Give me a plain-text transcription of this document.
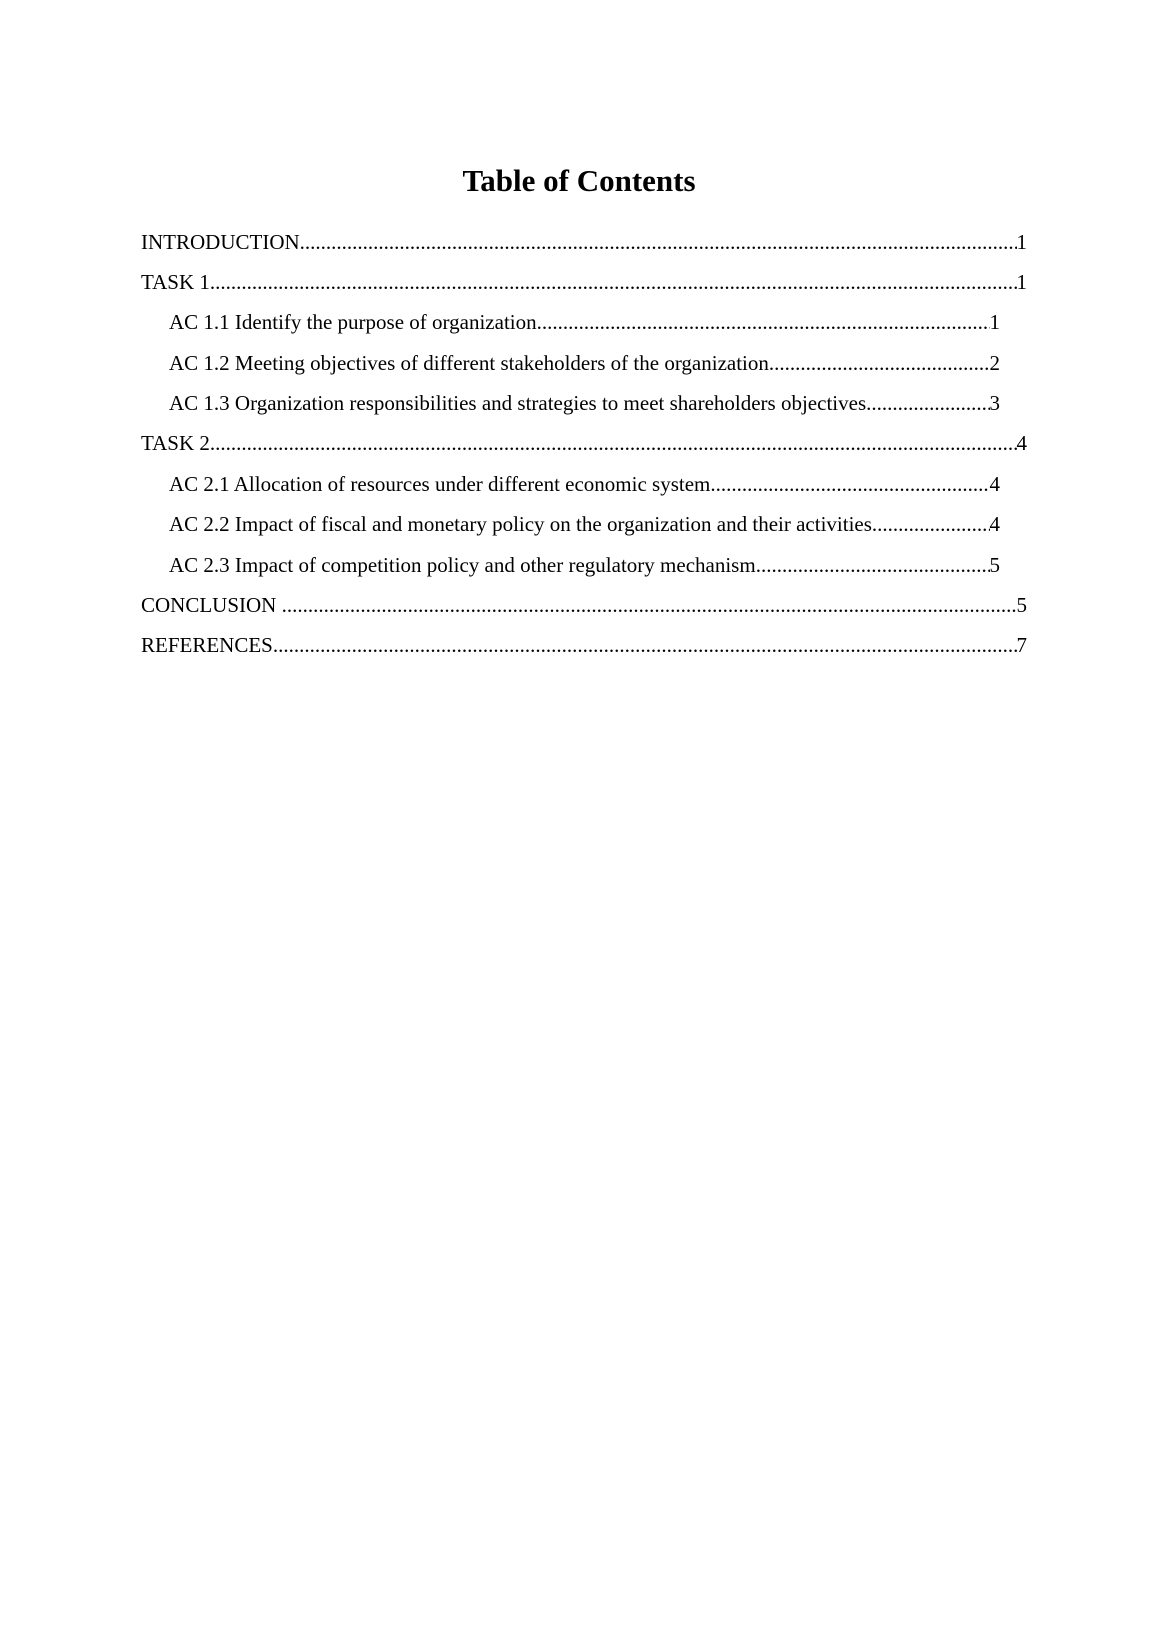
Table of Contents
INTRODUCTION .....	1
TASK 1 .....	1
AC 1.1 Identify the purpose of organization .....	1
AC 1.2 Meeting objectives of different stakeholders of the organization .....	2
AC 1.3 Organization responsibilities and strategies to meet shareholders objectives .....	3
TASK 2 .....	4
AC 2.1 Allocation of resources under different economic system .....	4
AC 2.2 Impact of fiscal and monetary policy on the organization and their activities .....	4
AC 2.3 Impact of competition policy and other regulatory mechanism .....	5
CONCLUSION .....	5
REFERENCES .....	7
